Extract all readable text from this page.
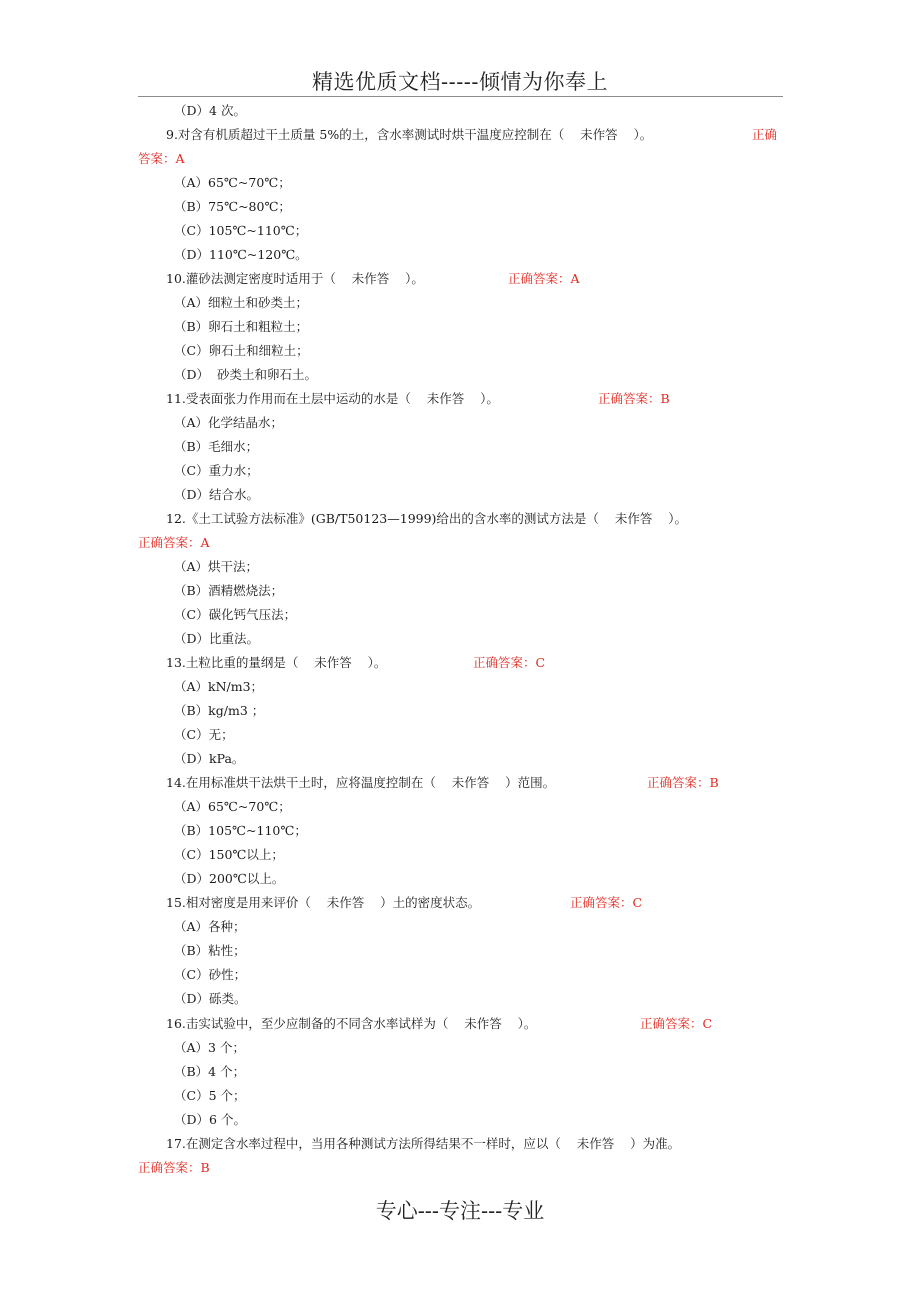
精选优质文档-----倾情为你奉上
（D）4 次。
9.对含有机质超过干土质量 5%的土，含水率测试时烘干温度应控制在（    未作答    ）。	正确
答案：A
（A）65℃~70℃；
（B）75℃~80℃；
（C）105℃~110℃；
（D）110℃~120℃。
10.灌砂法测定密度时适用于（    未作答    ）。	正确答案：A
（A）细粒土和砂类土；
（B）卵石土和粗粒土；
（C）卵石土和细粒土；
（D）  砂类土和卵石土。
11.受表面张力作用而在土层中运动的水是（    未作答    ）。	正确答案：B
（A）化学结晶水；
（B）毛细水；
（C）重力水；
（D）结合水。
12.《土工试验方法标准》(GB/T50123—1999)给出的含水率的测试方法是（    未作答    ）。
正确答案：A
（A）烘干法；
（B）酒精燃烧法；
（C）碳化钙气压法；
（D）比重法。
13.土粒比重的量纲是（    未作答    ）。	正确答案：C
（A）kN/m3；
（B）kg/m3 ；
（C）无；
（D）kPa。
14.在用标准烘干法烘干土时，应将温度控制在（    未作答    ）范围。	正确答案：B
（A）65℃~70℃；
（B）105℃~110℃；
（C）150℃以上；
（D）200℃以上。
15.相对密度是用来评价（    未作答    ）土的密度状态。	正确答案：C
（A）各种；
（B）粘性；
（C）砂性；
（D）砾类。
16.击实试验中，至少应制备的不同含水率试样为（    未作答    ）。	正确答案：C
（A）3 个；
（B）4 个；
（C）5 个；
（D）6 个。
17.在测定含水率过程中，当用各种测试方法所得结果不一样时，应以（    未作答    ）为准。
正确答案：B
专心---专注---专业
